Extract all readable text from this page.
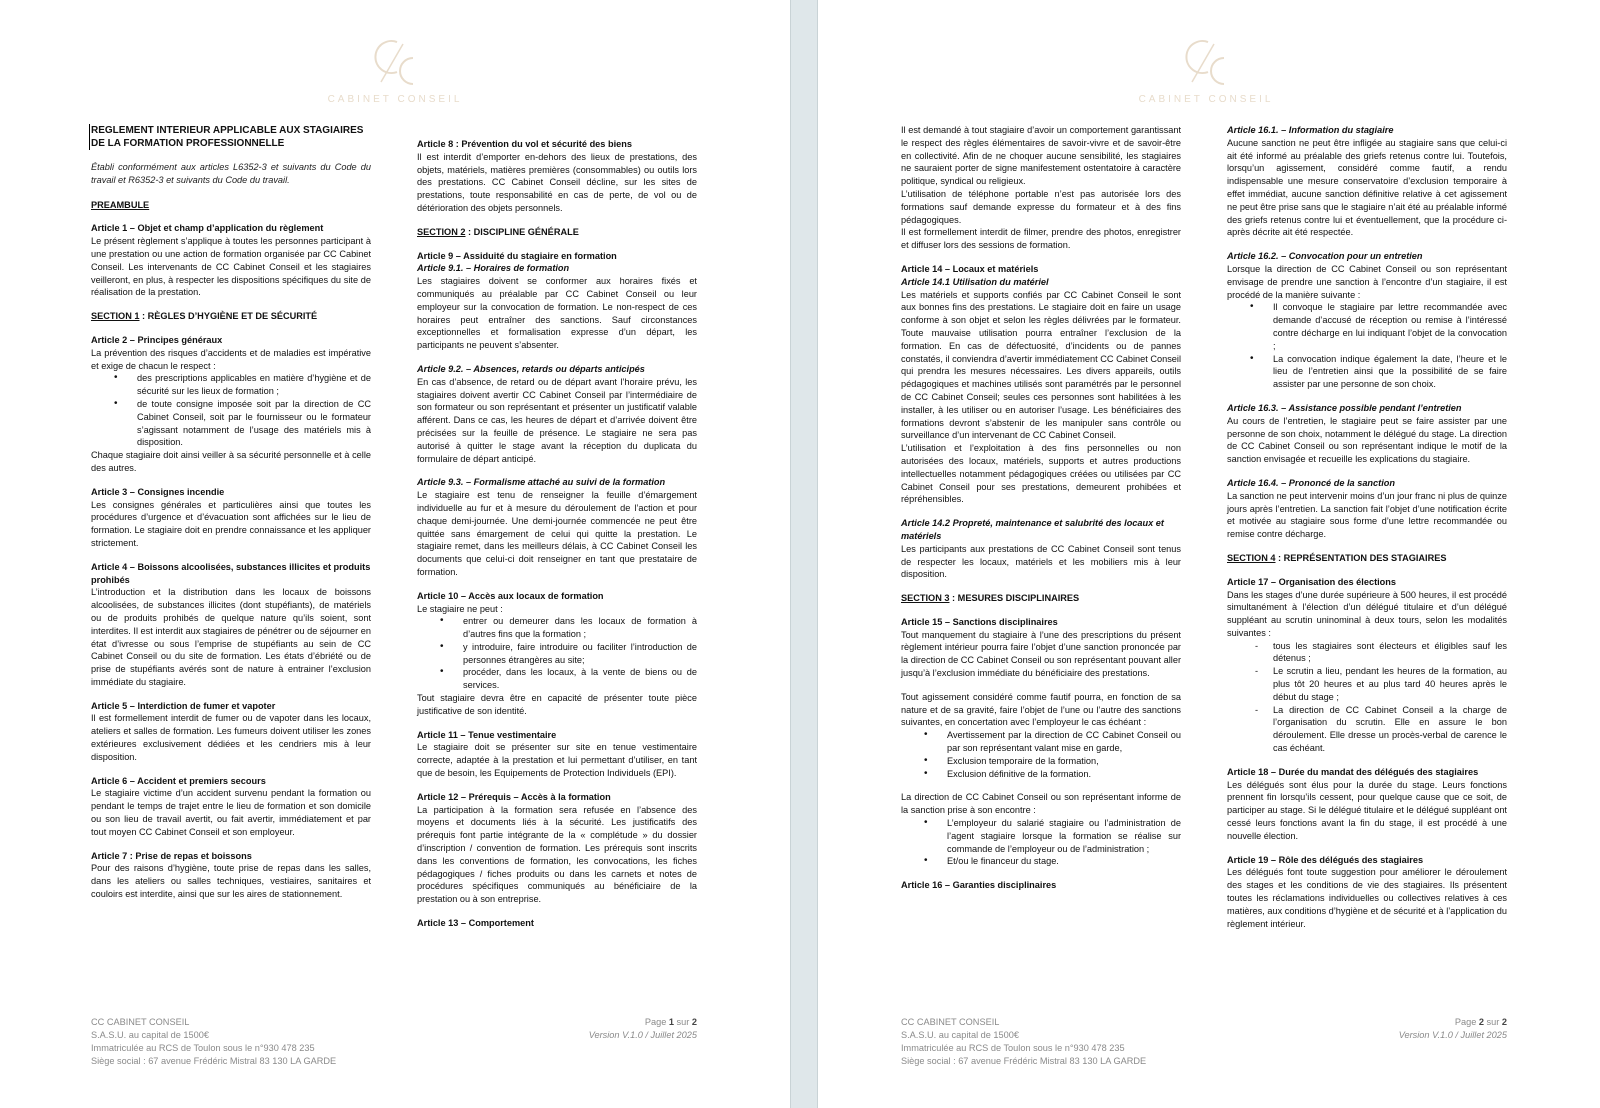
CABINET CONSEIL
REGLEMENT INTERIEUR APPLICABLE AUX STAGIAIRES DE LA FORMATION PROFESSIONNELLE

Établi conformément aux articles L6352-3 et suivants du Code du travail et R6352-3 et suivants du Code du travail.

PREAMBULE
Article 1 – Objet et champ d’application du règlement

Le présent règlement s’applique à toutes les personnes participant à une prestation ou une action de formation organisée par CC Cabinet Conseil. Les intervenants de CC Cabinet Conseil et les stagiaires veilleront, en plus, à respecter les dispositions spécifiques du site de réalisation de la prestation.

SECTION 1 : RÈGLES D’HYGIÈNE ET DE SÉCURITÉ
Article 2 – Principes généraux

La prévention des risques d’accidents et de maladies est impérative et exige de chacun le respect :

• des prescriptions applicables en matière d’hygiène et de sécurité sur les lieux de formation ;
• de toute consigne imposée soit par la direction de CC Cabinet Conseil, soit par le fournisseur ou le formateur s’agissant notamment de l’usage des matériels mis à disposition.

Chaque stagiaire doit ainsi veiller à sa sécurité personnelle et à celle des autres.

Article 3 – Consignes incendie

Les consignes générales et particulières ainsi que toutes les procédures d’urgence et d’évacuation sont affichées sur le lieu de formation. Le stagiaire doit en prendre connaissance et les appliquer strictement.

Article 4 – Boissons alcoolisées, substances illicites et produits prohibés

L’introduction et la distribution dans les locaux de boissons alcoolisées, de substances illicites (dont stupéfiants), de matériels ou de produits prohibés de quelque nature qu’ils soient, sont interdites. Il est interdit aux stagiaires de pénétrer ou de séjourner en état d’ivresse ou sous l’emprise de stupéfiants au sein de CC Cabinet Conseil ou du site de formation. Les états d’ébriété ou de prise de stupéfiants avérés sont de nature à entrainer l’exclusion immédiate du stagiaire.

Article 5 – Interdiction de fumer et vapoter

Il est formellement interdit de fumer ou de vapoter dans les locaux, ateliers et salles de formation. Les fumeurs doivent utiliser les zones extérieures exclusivement dédiées et les cendriers mis à leur disposition.

Article 6 – Accident et premiers secours

Le stagiaire victime d’un accident survenu pendant la formation ou pendant le temps de trajet entre le lieu de formation et son domicile ou son lieu de travail avertit, ou fait avertir, immédiatement et par tout moyen CC Cabinet Conseil et son employeur.

Article 7 : Prise de repas et boissons

Pour des raisons d’hygiène, toute prise de repas dans les salles, dans les ateliers ou salles techniques, vestiaires, sanitaires et couloirs est interdite, ainsi que sur les aires de stationnement.

Article 8 : Prévention du vol et sécurité des biens

Il est interdit d’emporter en-dehors des lieux de prestations, des objets, matériels, matières premières (consommables) ou outils lors des prestations. CC Cabinet Conseil décline, sur les sites de prestations, toute responsabilité en cas de perte, de vol ou de détérioration des objets personnels.

SECTION 2 : DISCIPLINE GÉNÉRALE
Article 9 – Assiduité du stagiaire en formation
Article 9.1. – Horaires de formation

Les stagiaires doivent se conformer aux horaires fixés et communiqués au préalable par CC Cabinet Conseil ou leur employeur sur la convocation de formation. Le non-respect de ces horaires peut entraîner des sanctions. Sauf circonstances exceptionnelles et formalisation expresse d’un départ, les participants ne peuvent s’absenter.

Article 9.2. – Absences, retards ou départs anticipés

En cas d’absence, de retard ou de départ avant l’horaire prévu, les stagiaires doivent avertir CC Cabinet Conseil par l’intermédiaire de son formateur ou son représentant et présenter un justificatif valable afférent. Dans ce cas, les heures de départ et d’arrivée doivent être précisées sur la feuille de présence. Le stagiaire ne sera pas autorisé à quitter le stage avant la réception du duplicata du formulaire de départ anticipé.

Article 9.3. – Formalisme attaché au suivi de la formation

Le stagiaire est tenu de renseigner la feuille d’émargement individuelle au fur et à mesure du déroulement de l’action et pour chaque demi-journée. Une demi-journée commencée ne peut être quittée sans émargement de celui qui quitte la prestation. Le stagiaire remet, dans les meilleurs délais, à CC Cabinet Conseil les documents que celui-ci doit renseigner en tant que prestataire de formation.

Article 10 – Accès aux locaux de formation

Le stagiaire ne peut :

• entrer ou demeurer dans les locaux de formation à d’autres fins que la formation ;
• y introduire, faire introduire ou faciliter l’introduction de personnes étrangères au site;
• procéder, dans les locaux, à la vente de biens ou de services.

Tout stagiaire devra être en capacité de présenter toute pièce justificative de son identité.

Article 11 – Tenue vestimentaire

Le stagiaire doit se présenter sur site en tenue vestimentaire correcte, adaptée à la prestation et lui permettant d’utiliser, en tant que de besoin, les Equipements de Protection Individuels (EPI).

Article 12 – Prérequis – Accès à la formation

La participation à la formation sera refusée en l’absence des moyens et documents liés à la sécurité. Les justificatifs des prérequis font partie intégrante de la « complétude » du dossier d’inscription / convention de formation. Les prérequis sont inscrits dans les conventions de formation, les convocations, les fiches pédagogiques / fiches produits ou dans les carnets et notes de procédures spécifiques communiqués au bénéficiaire de la prestation ou à son entreprise.

Article 13 – Comportement
CC CABINET CONSEIL
S.A.S.U. au capital de 1500€
Immatriculée au RCS de Toulon sous le n°930 478 235
Siège social : 67 avenue Frédéric Mistral 83 130 LA GARDE
Page 1 sur 2
Version V.1.0 / Juillet 2025
CABINET CONSEIL

Il est demandé à tout stagiaire d’avoir un comportement garantissant le respect des règles élémentaires de savoir-vivre et de savoir-être en collectivité. Afin de ne choquer aucune sensibilité, les stagiaires ne sauraient porter de signe manifestement ostentatoire à caractère politique, syndical ou religieux.

L’utilisation de téléphone portable n’est pas autorisée lors des formations sauf demande expresse du formateur et à des fins pédagogiques.

Il est formellement interdit de filmer, prendre des photos, enregistrer et diffuser lors des sessions de formation.

Article 14 – Locaux et matériels
Article 14.1 Utilisation du matériel

Les matériels et supports confiés par CC Cabinet Conseil le sont aux bonnes fins des prestations. Le stagiaire doit en faire un usage conforme à son objet et selon les règles délivrées par le formateur. Toute mauvaise utilisation pourra entraîner l’exclusion de la formation. En cas de défectuosité, d’incidents ou de pannes constatés, il conviendra d’avertir immédiatement CC Cabinet Conseil qui prendra les mesures nécessaires. Les divers appareils, outils pédagogiques et machines utilisés sont paramétrés par le personnel de CC Cabinet Conseil; seules ces personnes sont habilitées à les installer, à les utiliser ou en autoriser l’usage. Les bénéficiaires des formations devront s’abstenir de les manipuler sans contrôle ou surveillance d’un intervenant de CC Cabinet Conseil.

L’utilisation et l’exploitation à des fins personnelles ou non autorisées des locaux, matériels, supports et autres productions intellectuelles notamment pédagogiques créées ou utilisées par CC Cabinet Conseil pour ses prestations, demeurent prohibées et répréhensibles.

Article 14.2 Propreté, maintenance et salubrité des locaux et matériels

Les participants aux prestations de CC Cabinet Conseil sont tenus de respecter les locaux, matériels et les mobiliers mis à leur disposition.

SECTION 3 : MESURES DISCIPLINAIRES
Article 15 – Sanctions disciplinaires

Tout manquement du stagiaire à l’une des prescriptions du présent règlement intérieur pourra faire l’objet d’une sanction prononcée par la direction de CC Cabinet Conseil ou son représentant pouvant aller jusqu’à l’exclusion immédiate du bénéficiaire des prestations.

Tout agissement considéré comme fautif pourra, en fonction de sa nature et de sa gravité, faire l’objet de l’une ou l’autre des sanctions suivantes, en concertation avec l’employeur le cas échéant :

• Avertissement par la direction de CC Cabinet Conseil ou par son représentant valant mise en garde,
• Exclusion temporaire de la formation,
• Exclusion définitive de la formation.

La direction de CC Cabinet Conseil ou son représentant informe de la sanction prise à son encontre :

• L’employeur du salarié stagiaire ou l’administration de l’agent stagiaire lorsque la formation se réalise sur commande de l’employeur ou de l’administration ;
• Et/ou le financeur du stage.
Article 16 – Garanties disciplinaires
Article 16.1. – Information du stagiaire

Aucune sanction ne peut être infligée au stagiaire sans que celui-ci ait été informé au préalable des griefs retenus contre lui. Toutefois, lorsqu’un agissement, considéré comme fautif, a rendu indispensable une mesure conservatoire d’exclusion temporaire à effet immédiat, aucune sanction définitive relative à cet agissement ne peut être prise sans que le stagiaire n’ait été au préalable informé des griefs retenus contre lui et éventuellement, que la procédure ci-après décrite ait été respectée.

Article 16.2. – Convocation pour un entretien

Lorsque la direction de CC Cabinet Conseil ou son représentant envisage de prendre une sanction à l’encontre d’un stagiaire, il est procédé de la manière suivante :

• Il convoque le stagiaire par lettre recommandée avec demande d’accusé de réception ou remise à l’intéressé contre décharge en lui indiquant l’objet de la convocation ;
• La convocation indique également la date, l’heure et le lieu de l’entretien ainsi que la possibilité de se faire assister par une personne de son choix.
Article 16.3. – Assistance possible pendant l’entretien

Au cours de l’entretien, le stagiaire peut se faire assister par une personne de son choix, notamment le délégué du stage. La direction de CC Cabinet Conseil ou son représentant indique le motif de la sanction envisagée et recueille les explications du stagiaire.

Article 16.4. – Prononcé de la sanction

La sanction ne peut intervenir moins d’un jour franc ni plus de quinze jours après l’entretien. La sanction fait l’objet d’une notification écrite et motivée au stagiaire sous forme d’une lettre recommandée ou remise contre décharge.

SECTION 4 : REPRÉSENTATION DES STAGIAIRES
Article 17 – Organisation des élections

Dans les stages d’une durée supérieure à 500 heures, il est procédé simultanément à l’élection d’un délégué titulaire et d’un délégué suppléant au scrutin uninominal à deux tours, selon les modalités suivantes :

- tous les stagiaires sont électeurs et éligibles sauf les détenus ;
- Le scrutin a lieu, pendant les heures de la formation, au plus tôt 20 heures et au plus tard 40 heures après le début du stage ;
- La direction de CC Cabinet Conseil a la charge de l’organisation du scrutin. Elle en assure le bon déroulement. Elle dresse un procès-verbal de carence le cas échéant.
Article 18 – Durée du mandat des délégués des stagiaires

Les délégués sont élus pour la durée du stage. Leurs fonctions prennent fin lorsqu’ils cessent, pour quelque cause que ce soit, de participer au stage. Si le délégué titulaire et le délégué suppléant ont cessé leurs fonctions avant la fin du stage, il est procédé à une nouvelle élection.

Article 19 – Rôle des délégués des stagiaires

Les délégués font toute suggestion pour améliorer le déroulement des stages et les conditions de vie des stagiaires. Ils présentent toutes les réclamations individuelles ou collectives relatives à ces matières, aux conditions d’hygiène et de sécurité et à l’application du règlement intérieur.

CC CABINET CONSEIL
S.A.S.U. au capital de 1500€
Immatriculée au RCS de Toulon sous le n°930 478 235
Siège social : 67 avenue Frédéric Mistral 83 130 LA GARDE
Page 2 sur 2
Version V.1.0 / Juillet 2025
